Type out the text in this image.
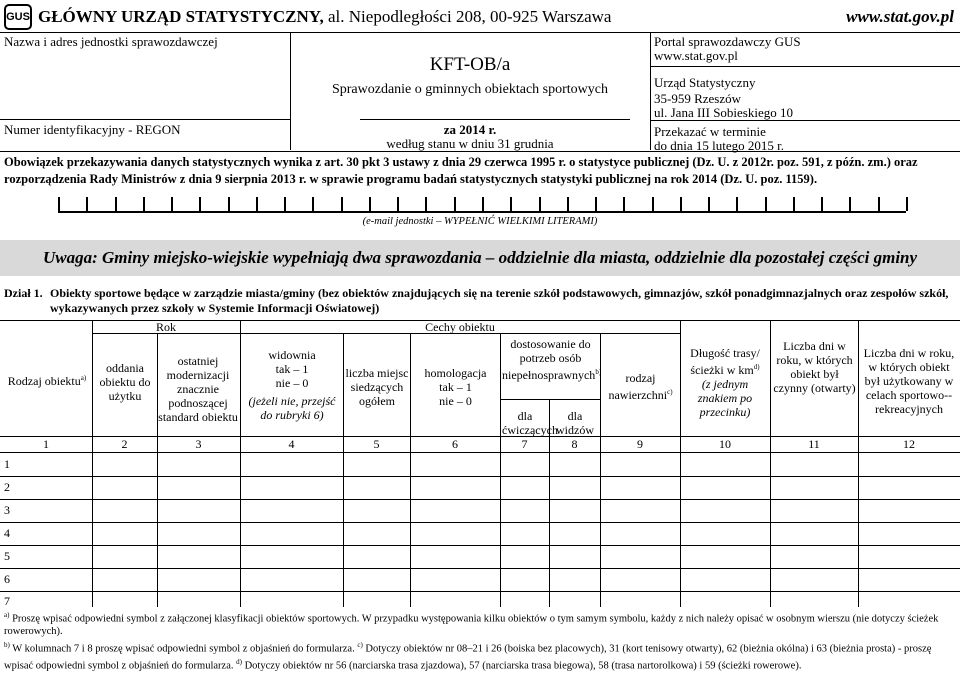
GUS GŁÓWNY URZĄD STATYSTYCZNY, al. Niepodległości 208, 00-925 Warszawa	www.stat.gov.pl
Nazwa i adres jednostki sprawozdawczej
Numer identyfikacyjny - REGON
KFT-OB/a
Sprawozdanie o gminnych obiektach sportowych
za 2014 r.
według stanu w dniu 31 grudnia
Portal sprawozdawczy GUS
www.stat.gov.pl
Urząd Statystyczny
35-959 Rzeszów
ul. Jana III Sobieskiego 10
Przekazać w terminie
do dnia 15 lutego 2015 r.
Obowiązek przekazywania danych statystycznych wynika z art. 30 pkt 3 ustawy z dnia 29 czerwca 1995 r. o statystyce publicznej (Dz. U. z 2012r. poz. 591, z późn. zm.) oraz rozporządzenia Rady Ministrów z dnia 9 sierpnia 2013 r. w sprawie programu badań statystycznych statystyki publicznej na rok 2014 (Dz. U. poz. 1159).
(e-mail jednostki – WYPEŁNIĆ WIELKIMI LITERAMI)
Uwaga: Gminy miejsko-wiejskie wypełniają dwa sprawozdania – oddzielnie dla miasta, oddzielnie dla pozostałej części gminy
Dział 1. Obiekty sportowe będące w zarządzie miasta/gminy (bez obiektów znajdujących się na terenie szkół podstawowych, gimnazjów, szkół ponadgimnazjalnych oraz zespołów szkół, wykazywanych przez szkoły w Systemie Informacji Oświatowej)
Rok	Cechy obiektu
Rodzaj obiektu$^{a)}$
oddania obiektu do użytku
ostatniej modernizacji znacznie podnoszącej standard obiektu
widownia
tak – 1
nie – 0
(jeżeli nie, przejść do rubryki 6)
liczba miejsc siedzących ogółem
homologacja
tak – 1
nie – 0
dostosowanie do potrzeb osób niepełnosprawnych$^{b)}$
dla ćwiczących
dla widzów
rodzaj nawierzchni$^{c)}$
Długość trasy/ ścieżki w $km^{d)}$
(z jednym znakiem po przecinku)
Liczba dni w roku, w których obiekt był czynny (otwarty)
Liczba dni w roku, w których obiekt był użytkowany w celach sportowo--rekreacyjnych
1	2	3	4	5	6	7	8	9	10	11	12
1
2
3
4
5
6
7
$^{a)}$ Proszę wpisać odpowiedni symbol z załączonej klasyfikacji obiektów sportowych. W przypadku występowania kilku obiektów o tym samym symbolu, każdy z nich należy opisać w osobnym wierszu (nie dotyczy ścieżek rowerowych).
$^{b)}$ W kolumnach 7 i 8 proszę wpisać odpowiedni symbol z objaśnień do formularza. $^{c)}$ Dotyczy obiektów nr 08–21 i 26 (boiska bez placowych), 31 (kort tenisowy otwarty), 62 (bieżnia okólna) i 63 (bieżnia prosta) - proszę wpisać odpowiedni symbol z objaśnień do formularza. $^{d)}$ Dotyczy obiektów nr 56 (narciarska trasa zjazdowa), 57 (narciarska trasa biegowa), 58 (trasa nartorolkowa) i 59 (ścieżki rowerowe).
